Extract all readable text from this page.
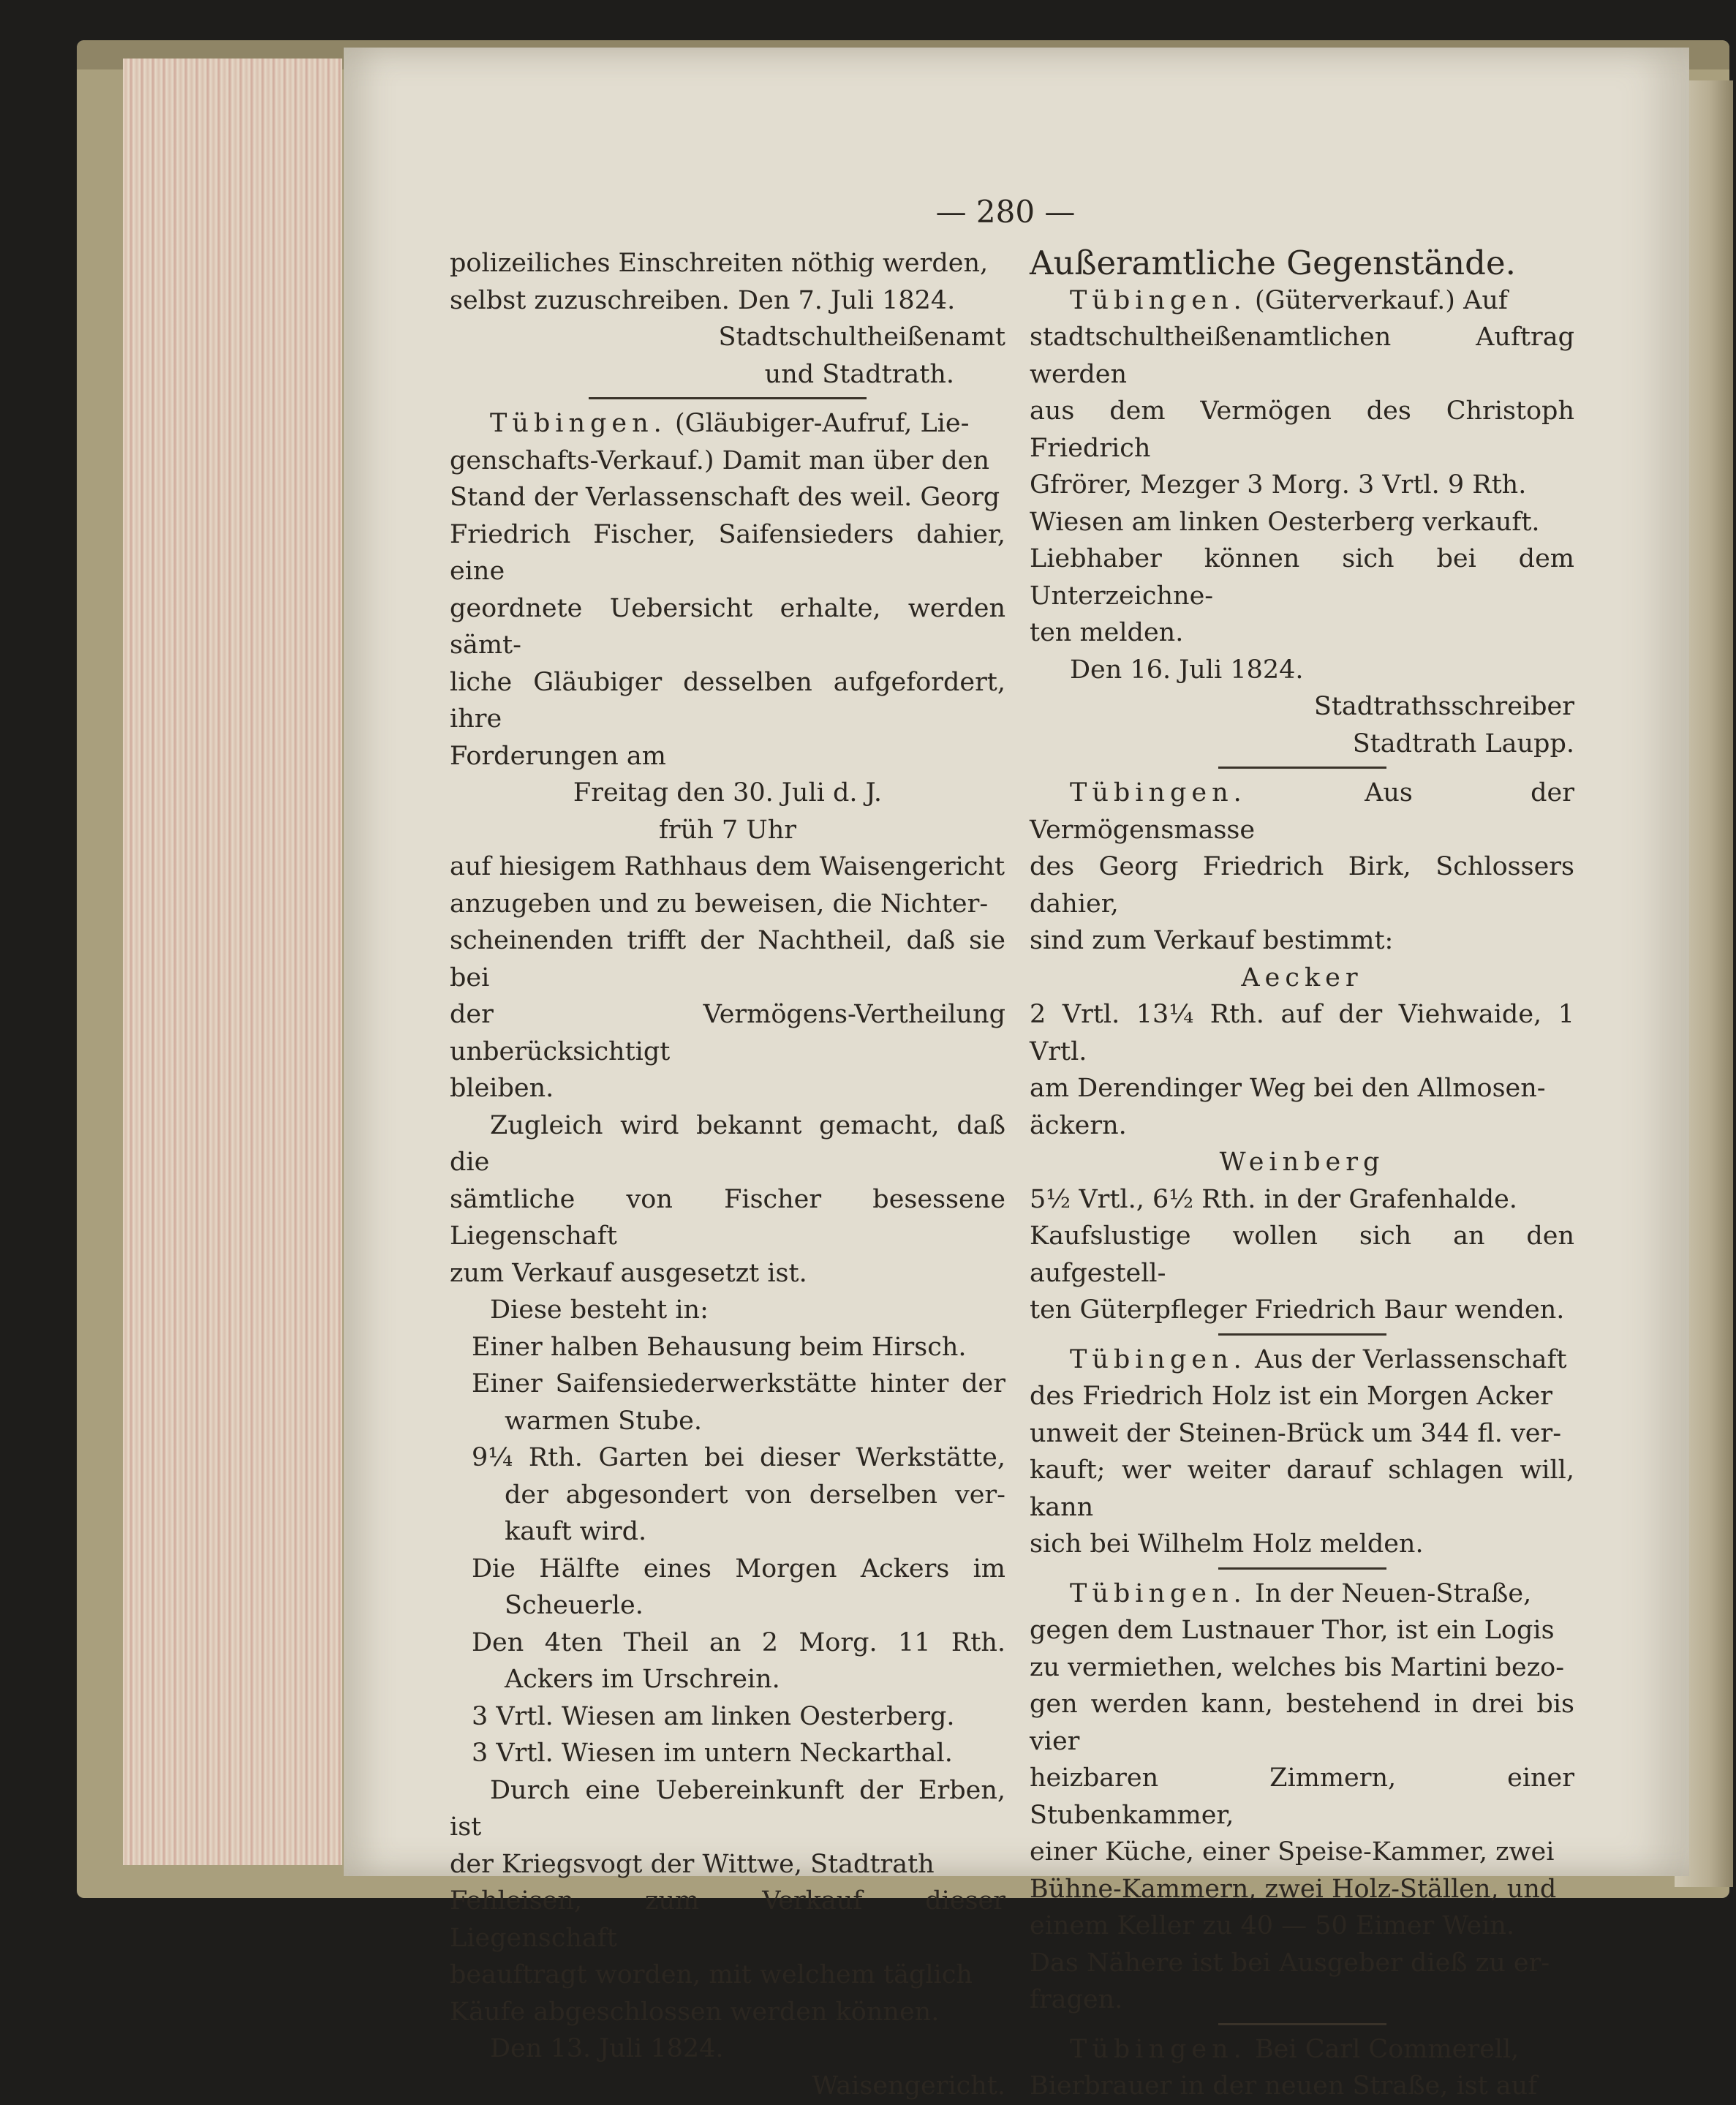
— 280 —

polizeiliches Einschreiten nöthig werden,

selbst zuzuschreiben. Den 7. Juli 1824.

Stadtschultheißenamt

und Stadtrath.

Tübingen. (Gläubiger-Aufruf, Lie-

genschafts-Verkauf.) Damit man über den

Stand der Verlassenschaft des weil. Georg

Friedrich Fischer, Saifensieders dahier, eine

geordnete Uebersicht erhalte, werden sämt-

liche Gläubiger desselben aufgefordert, ihre

Forderungen am

Freitag den 30. Juli d. J.

früh 7 Uhr

auf hiesigem Rathhaus dem Waisengericht

anzugeben und zu beweisen, die Nichter-

scheinenden trifft der Nachtheil, daß sie bei

der Vermögens-Vertheilung unberücksichtigt

bleiben.

Zugleich wird bekannt gemacht, daß die

sämtliche von Fischer besessene Liegenschaft

zum Verkauf ausgesetzt ist.

Diese besteht in:

Einer halben Behausung beim Hirsch.

Einer Saifensiederwerkstätte hinter der warmen Stube.

9¼ Rth. Garten bei dieser Werkstätte, der abgesondert von derselben ver-kauft wird.

Die Hälfte eines Morgen Ackers im Scheuerle.

Den 4ten Theil an 2 Morg. 11 Rth. Ackers im Urschrein.

3 Vrtl. Wiesen am linken Oesterberg.

3 Vrtl. Wiesen im untern Neckarthal.

Durch eine Uebereinkunft der Erben, ist

der Kriegsvogt der Wittwe, Stadtrath

Fehleisen, zum Verkauf dieser Liegenschaft

beauftragt worden, mit welchem täglich

Käufe abgeschlossen werden können.

Den 13. Juli 1824.

Waisengericht.

Außeramtliche Gegenstände.

Tübingen. (Güterverkauf.) Auf

stadtschultheißenamtlichen Auftrag werden

aus dem Vermögen des Christoph Friedrich

Gfrörer, Mezger 3 Morg. 3 Vrtl. 9 Rth.

Wiesen am linken Oesterberg verkauft.

Liebhaber können sich bei dem Unterzeichne-

ten melden.

Den 16. Juli 1824.

Stadtrathsschreiber

Stadtrath Laupp.

Tübingen.	Aus der Vermögensmasse

des Georg Friedrich Birk, Schlossers dahier,

sind zum Verkauf bestimmt:

Aecker

2 Vrtl. 13¼ Rth. auf der Viehwaide, 1 Vrtl.

am Derendinger Weg bei den Allmosen-

äckern.

Weinberg

5½ Vrtl., 6½ Rth. in der Grafenhalde.

Kaufslustige wollen sich an den aufgestell-

ten Güterpfleger Friedrich Baur wenden.

Tübingen. Aus der Verlassenschaft

des Friedrich Holz ist ein Morgen Acker

unweit der Steinen-Brück um 344 fl. ver-

kauft; wer weiter darauf schlagen will, kann

sich bei Wilhelm Holz melden.

Tübingen. In der Neuen-Straße,

gegen dem Lustnauer Thor, ist ein Logis

zu vermiethen, welches bis Martini bezo-

gen werden kann, bestehend in drei bis vier

heizbaren Zimmern, einer Stubenkammer,

einer Küche, einer Speise-Kammer, zwei

Bühne-Kammern, zwei Holz-Ställen, und

einem Keller zu 40 — 50 Eimer Wein.

Das Nähere ist bei Ausgeber dieß zu er-

fragen.

Tübingen. Bei Carl Commerell,

Bierbrauer in der neuen Straße, ist auf
